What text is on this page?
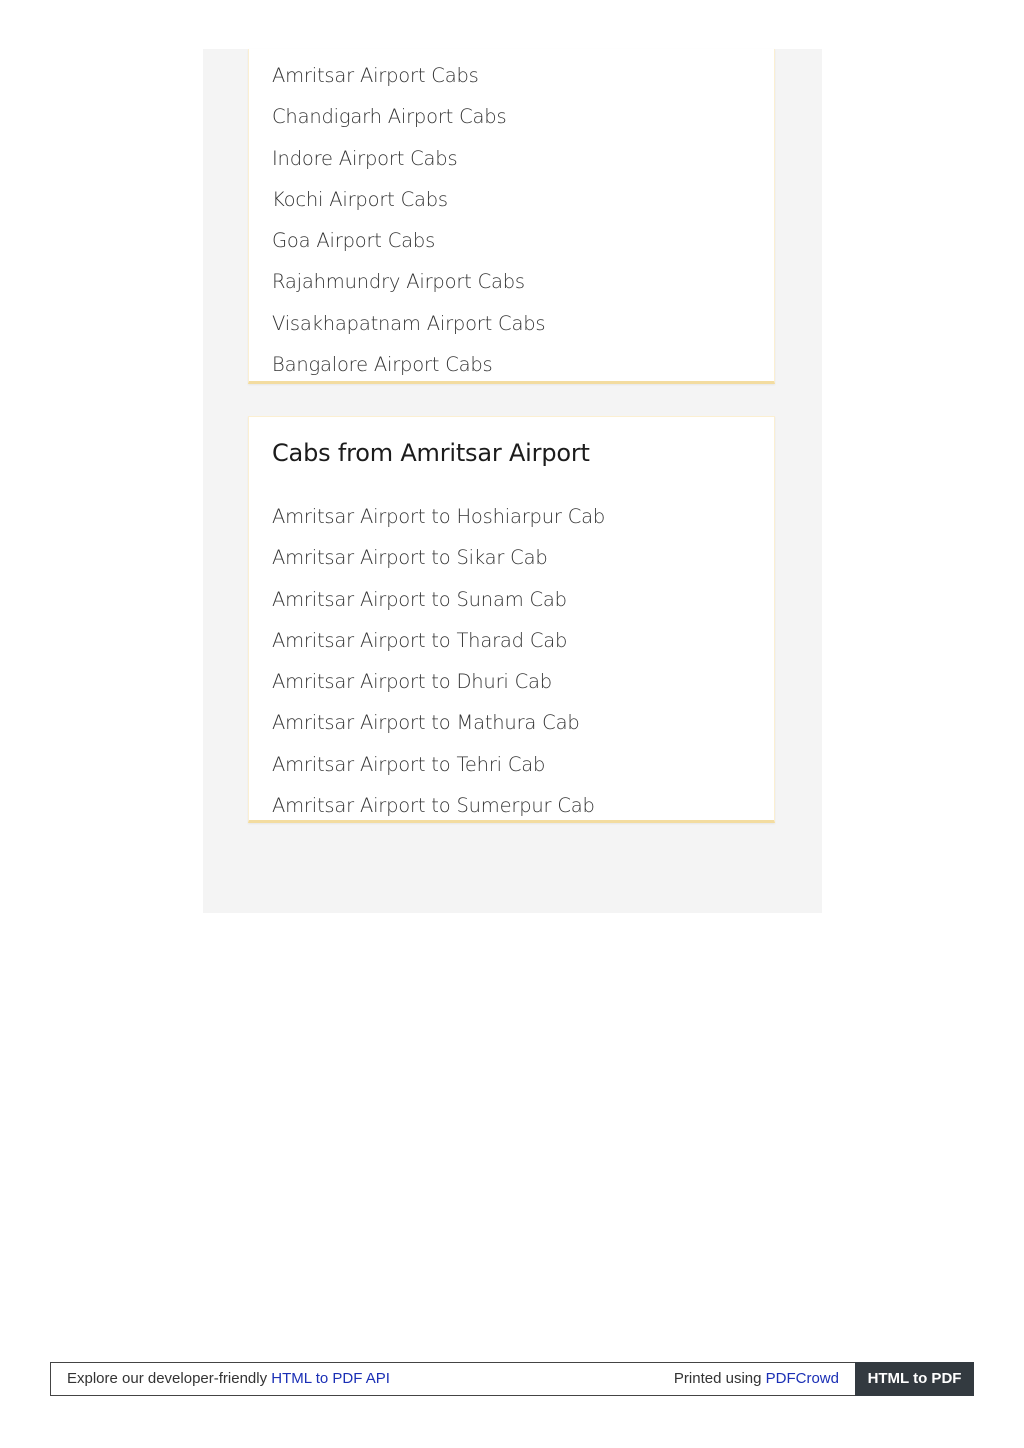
Amritsar Airport Cabs
Chandigarh Airport Cabs
Indore Airport Cabs
Kochi Airport Cabs
Goa Airport Cabs
Rajahmundry Airport Cabs
Visakhapatnam Airport Cabs
Bangalore Airport Cabs
Cabs from Amritsar Airport
Amritsar Airport to Hoshiarpur Cab
Amritsar Airport to Sikar Cab
Amritsar Airport to Sunam Cab
Amritsar Airport to Tharad Cab
Amritsar Airport to Dhuri Cab
Amritsar Airport to Mathura Cab
Amritsar Airport to Tehri Cab
Amritsar Airport to Sumerpur Cab
Explore our developer-friendly HTML to PDF API	Printed using PDFCrowd	HTML to PDF
